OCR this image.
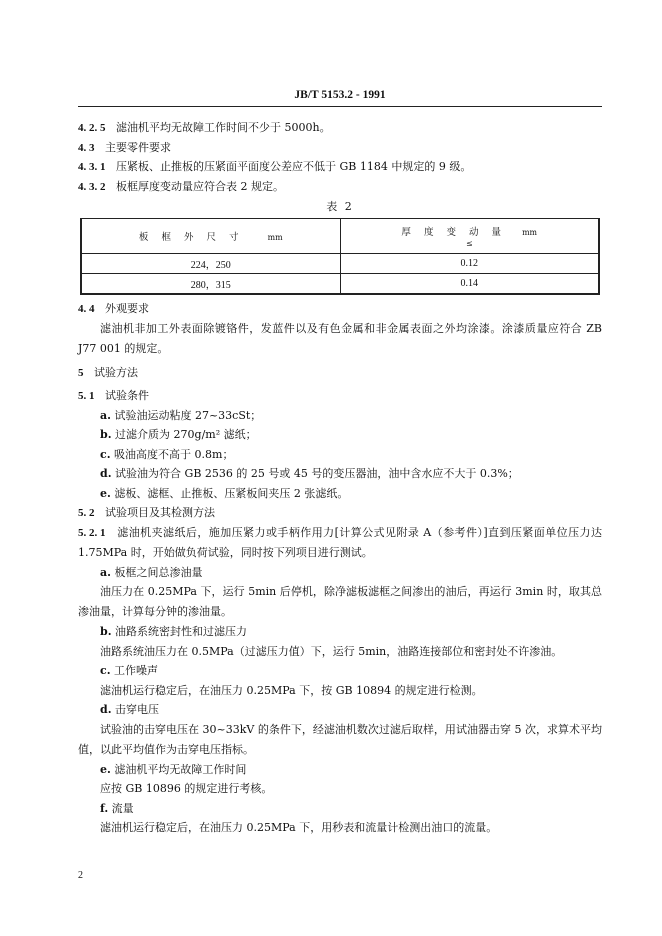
JB/T 5153.2 - 1991
4. 2. 5 滤油机平均无故障工作时间不少于 5000h。
4. 3 主要零件要求
4. 3. 1 压紧板、止推板的压紧面平面度公差应不低于 GB 1184 中规定的 9 级。
4. 3. 2 板框厚度变动量应符合表 2 规定。
表 2
板 框 外 尺 寸 mm	厚 度 变 动 量 mm
≤
224，250	0.12
280，315	0.14
4. 4 外观要求
滤油机非加工外表面除镀铬件，发蓝件以及有色金属和非金属表面之外均涂漆。涂漆质量应符合 ZB J77 001 的规定。
5 试验方法
5. 1 试验条件
a. 试验油运动粘度 27~33cSt；
b. 过滤介质为 270g/m² 滤纸；
c. 吸油高度不高于 0.8m；
d. 试验油为符合 GB 2536 的 25 号或 45 号的变压器油，油中含水应不大于 0.3%；
e. 滤板、滤框、止推板、压紧板间夹压 2 张滤纸。
5. 2 试验项目及其检测方法
5. 2. 1 滤油机夹滤纸后，施加压紧力或手柄作用力[计算公式见附录 A（参考件）]直到压紧面单位压力达 1.75MPa 时，开始做负荷试验，同时按下列项目进行测试。
a. 板框之间总渗油量
油压力在 0.25MPa 下，运行 5min 后停机，除净滤板滤框之间渗出的油后，再运行 3min 时，取其总渗油量，计算每分钟的渗油量。
b. 油路系统密封性和过滤压力
油路系统油压力在 0.5MPa（过滤压力值）下，运行 5min，油路连接部位和密封处不许渗油。
c. 工作噪声
滤油机运行稳定后，在油压力 0.25MPa 下，按 GB 10894 的规定进行检测。
d. 击穿电压
试验油的击穿电压在 30~33kV 的条件下，经滤油机数次过滤后取样，用试油器击穿 5 次，求算术平均值，以此平均值作为击穿电压指标。
e. 滤油机平均无故障工作时间
应按 GB 10896 的规定进行考核。
f. 流量
滤油机运行稳定后，在油压力 0.25MPa 下，用秒表和流量计检测出油口的流量。
2
